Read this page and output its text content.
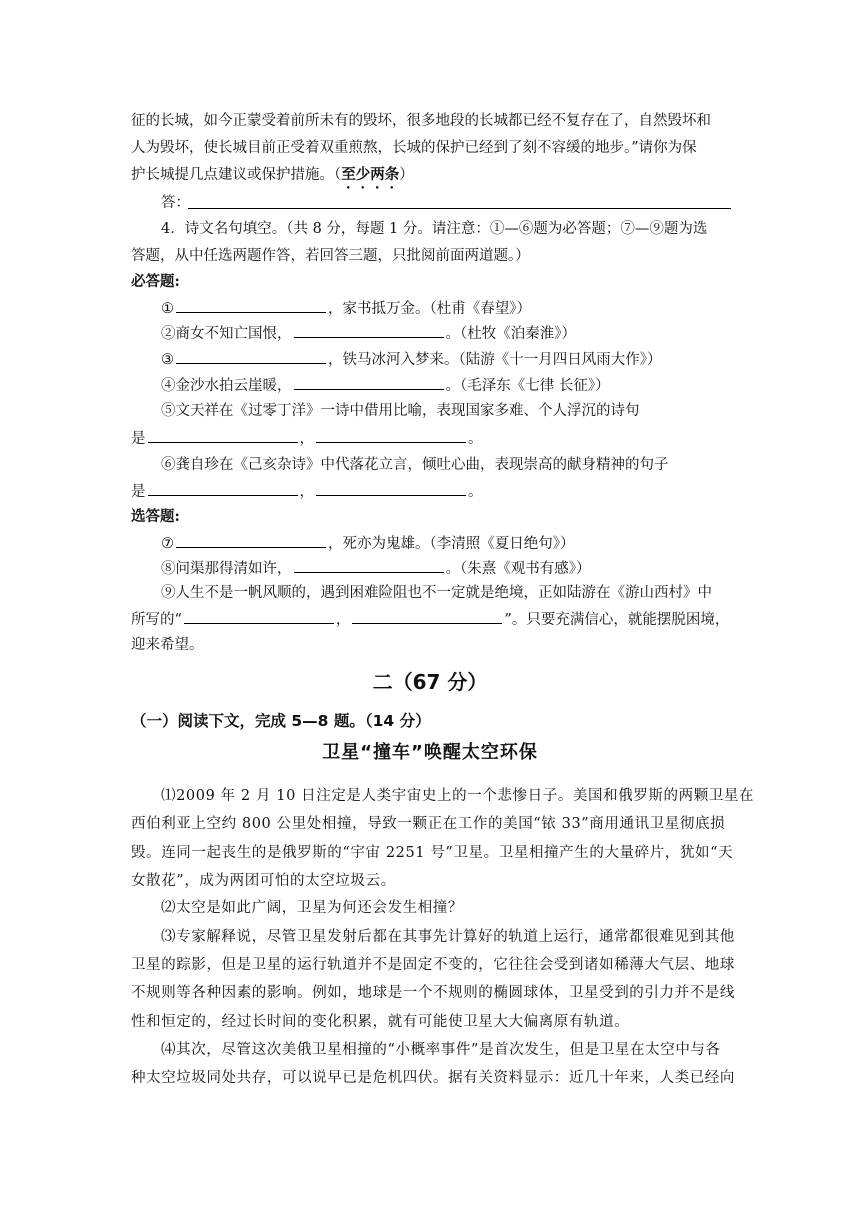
征的长城，如今正蒙受着前所未有的毁坏，很多地段的长城都已经不复存在了，自然毁坏和
人为毁坏，使长城目前正受着双重煎熬，长城的保护已经到了刻不容缓的地步。”请你为保
护长城提几点建议或保护措施。（至少两条）
答：
4．诗文名句填空。（共 8 分，每题 1 分。请注意：①—⑥题为必答题；⑦—⑨题为选
答题，从中任选两题作答，若回答三题，只批阅前面两道题。）
必答题:
①	，家书抵万金。（杜甫《春望》）
②商女不知亡国恨，	。（杜牧《泊秦淮》）
③	，铁马冰河入梦来。（陆游《十一月四日风雨大作》）
④金沙水拍云崖暖，	。（毛泽东《七律 长征》）
⑤文天祥在《过零丁洋》一诗中借用比喻，表现国家多难、个人浮沉的诗句
是	，	。
⑥龚自珍在《己亥杂诗》中代落花立言，倾吐心曲，表现崇高的献身精神的句子
是	，	。
选答题:
⑦	，死亦为鬼雄。（李清照《夏日绝句》）
⑧问渠那得清如许，	。（朱熹《观书有感》）
⑨人生不是一帆风顺的，遇到困难险阻也不一定就是绝境，正如陆游在《游山西村》中
所写的“	，	”。只要充满信心，就能摆脱困境，
迎来希望。
二（67 分）
（一）阅读下文，完成 5—8 题。（14 分）
卫星“撞车”唤醒太空环保
⑴2009 年 2 月 10 日注定是人类宇宙史上的一个悲惨日子。美国和俄罗斯的两颗卫星在
西伯利亚上空约 800 公里处相撞，导致一颗正在工作的美国“铱 33”商用通讯卫星彻底损
毁。连同一起丧生的是俄罗斯的“宇宙 2251 号”卫星。卫星相撞产生的大量碎片，犹如“天
女散花”，成为两团可怕的太空垃圾云。
⑵太空是如此广阔，卫星为何还会发生相撞？
⑶专家解释说，尽管卫星发射后都在其事先计算好的轨道上运行，通常都很难见到其他
卫星的踪影，但是卫星的运行轨道并不是固定不变的，它往往会受到诸如稀薄大气层、地球
不规则等各种因素的影响。例如，地球是一个不规则的椭圆球体，卫星受到的引力并不是线
性和恒定的，经过长时间的变化积累，就有可能使卫星大大偏离原有轨道。
⑷其次，尽管这次美俄卫星相撞的“小概率事件”是首次发生，但是卫星在太空中与各
种太空垃圾同处共存，可以说早已是危机四伏。据有关资料显示：近几十年来，人类已经向
